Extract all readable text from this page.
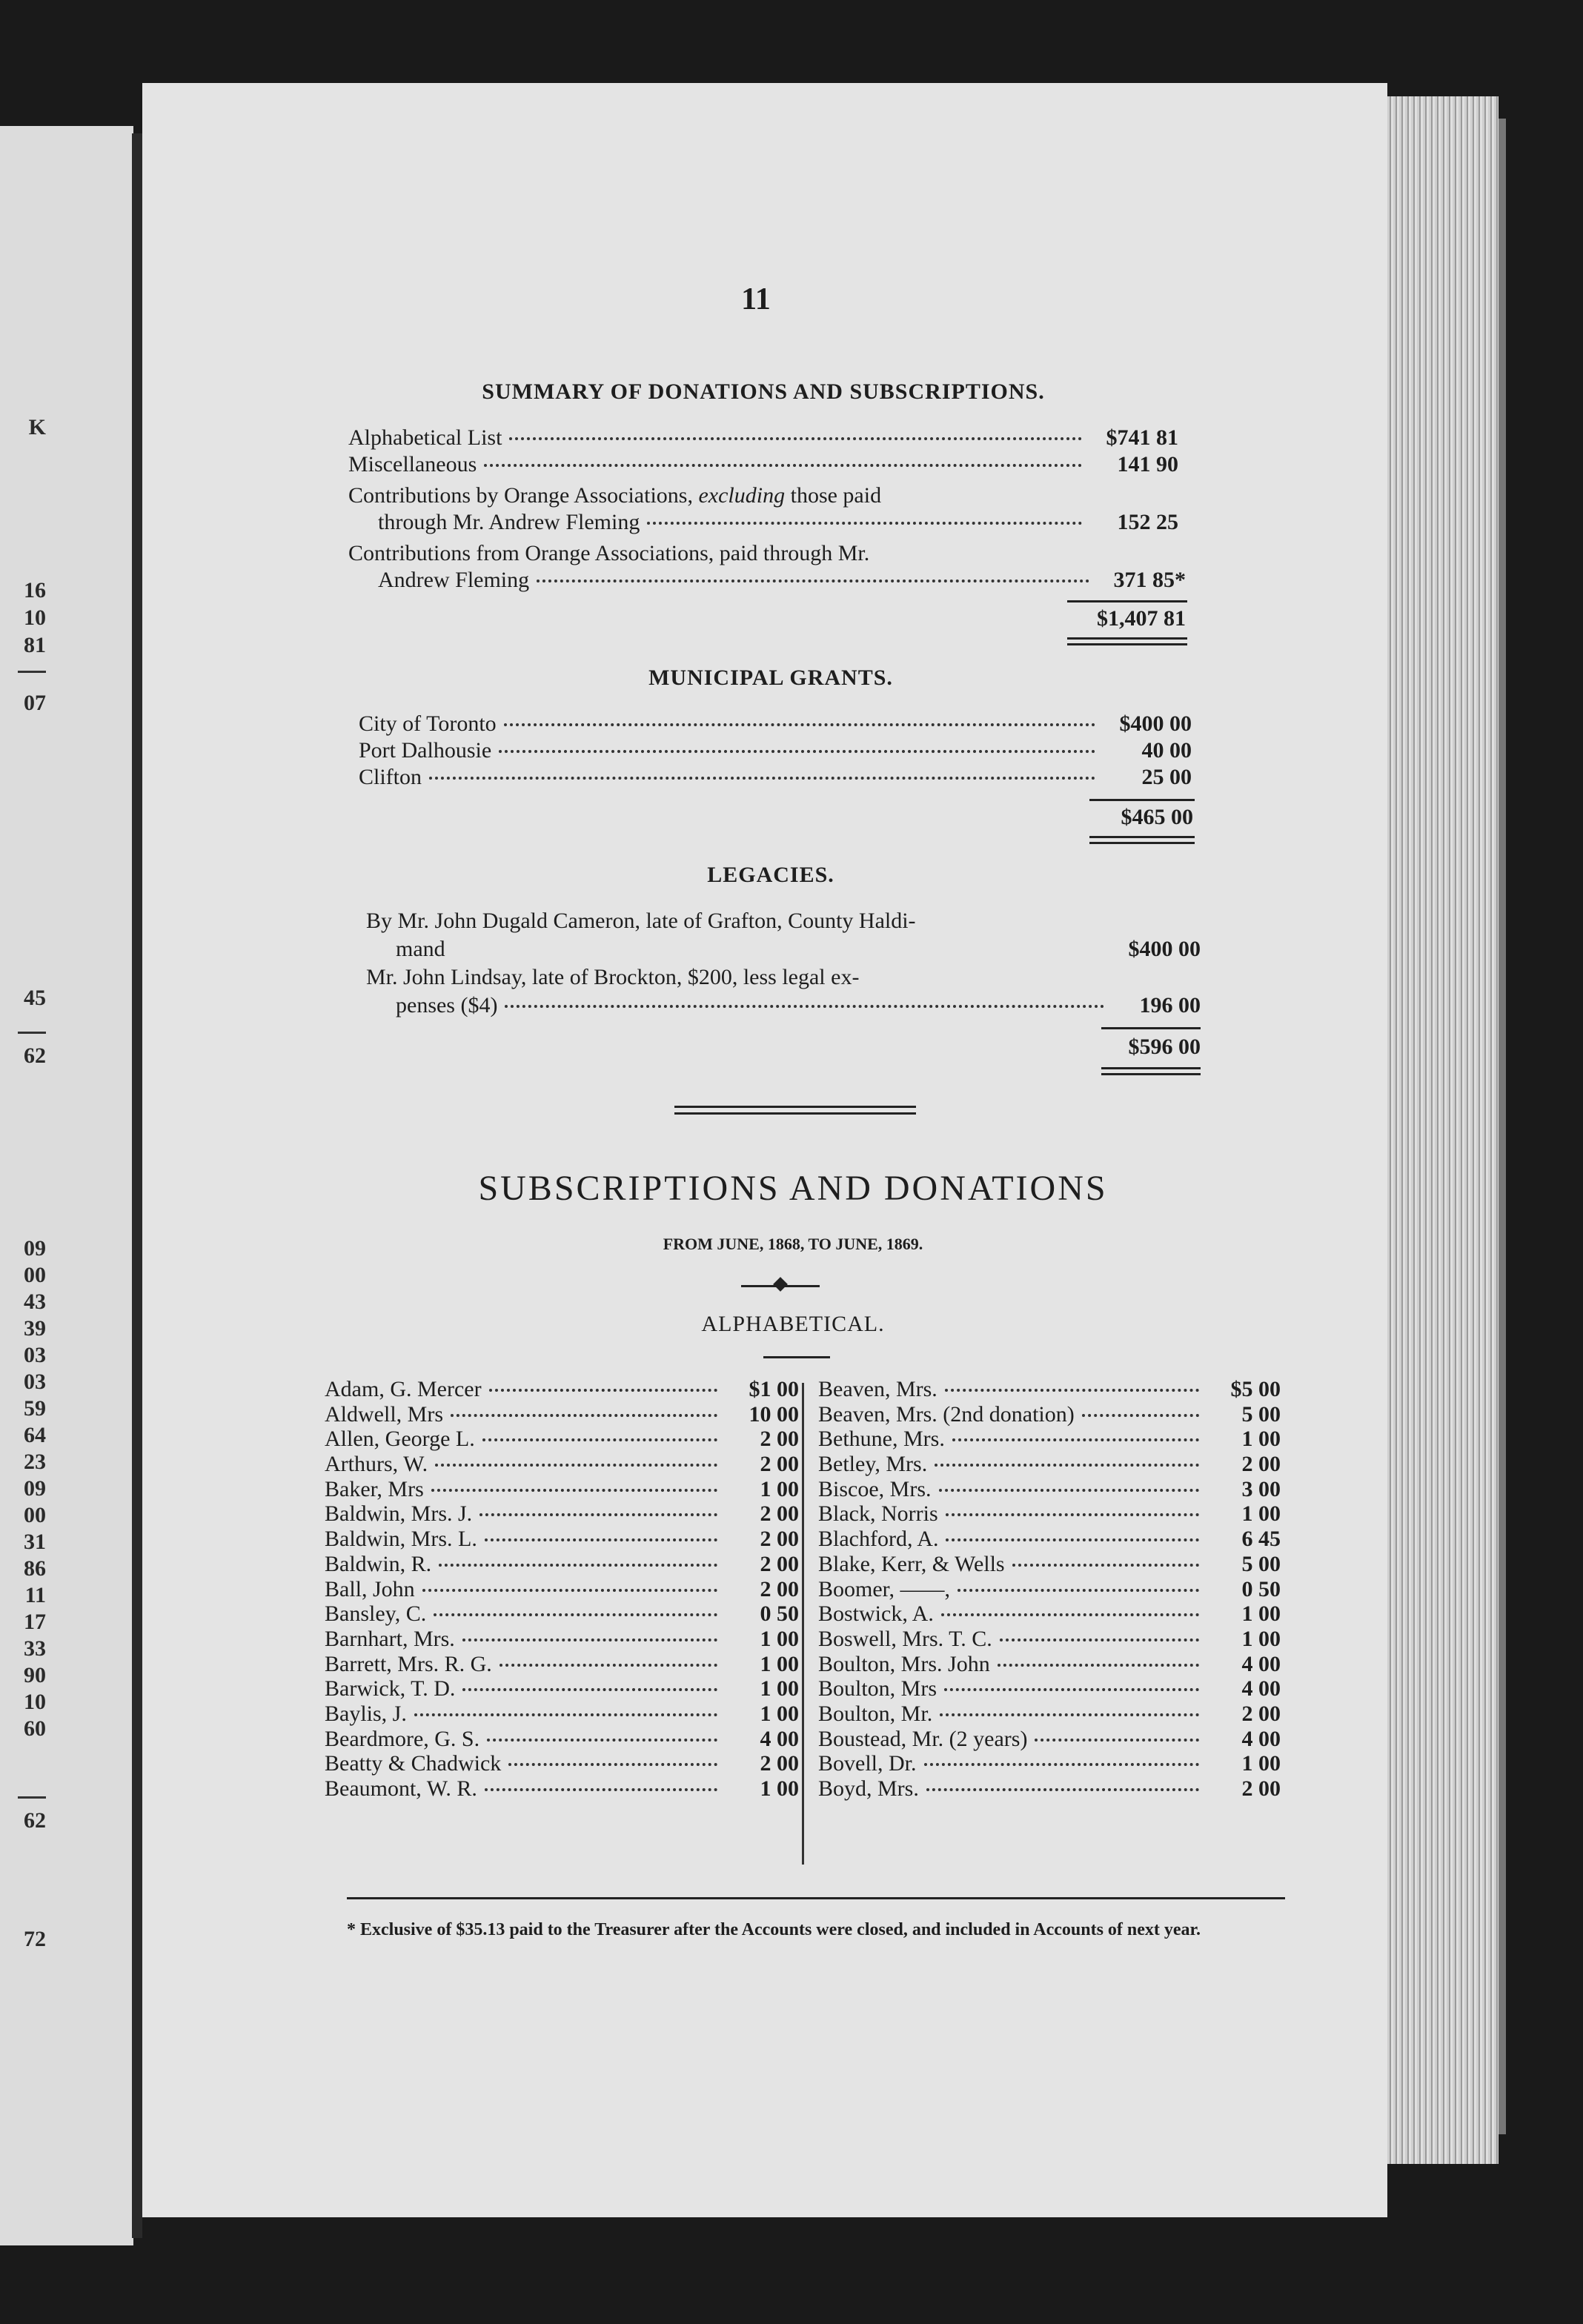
K
16
10
81
07
45
62
09
00
43
39
03
03
59
64
23
09
00
31
86
11
17
33
90
10
60
62
72
11
SUMMARY OF DONATIONS AND SUBSCRIPTIONS.
Alphabetical List	$741 81
Miscellaneous	141 90
Contributions by Orange Associations, excluding those paid
through Mr. Andrew Fleming	152 25
Contributions from Orange Associations, paid through Mr.
Andrew Fleming	371 85*
$1,407 81
MUNICIPAL GRANTS.
City of Toronto	$400 00
Port Dalhousie	40 00
Clifton	25 00
$465 00
LEGACIES.
By Mr. John Dugald Cameron, late of Grafton, County Haldi-
mand	$400 00
Mr. John Lindsay, late of Brockton, $200, less legal ex-
penses ($4)	196 00
$596 00
SUBSCRIPTIONS AND DONATIONS
FROM JUNE, 1868, TO JUNE, 1869.
ALPHABETICAL.
Adam, G. Mercer	$1 00
Aldwell, Mrs	10 00
Allen, George L.	2 00
Arthurs, W.	2 00
Baker, Mrs	1 00
Baldwin, Mrs. J.	2 00
Baldwin, Mrs. L.	2 00
Baldwin, R.	2 00
Ball, John	2 00
Bansley, C.	0 50
Barnhart, Mrs.	1 00
Barrett, Mrs. R. G.	1 00
Barwick, T. D.	1 00
Baylis, J.	1 00
Beardmore, G. S.	4 00
Beatty & Chadwick	2 00
Beaumont, W. R.	1 00
Beaven, Mrs.	$5 00
Beaven, Mrs. (2nd donation)	5 00
Bethune, Mrs.	1 00
Betley, Mrs.	2 00
Biscoe, Mrs.	3 00
Black, Norris	1 00
Blachford, A.	6 45
Blake, Kerr, & Wells	5 00
Boomer, ——,	0 50
Bostwick, A.	1 00
Boswell, Mrs. T. C.	1 00
Boulton, Mrs. John	4 00
Boulton, Mrs	4 00
Boulton, Mr.	2 00
Boustead, Mr. (2 years)	4 00
Bovell, Dr.	1 00
Boyd, Mrs.	2 00
* Exclusive of $35.13 paid to the Treasurer after the Accounts were closed, and included in Accounts of next year.
